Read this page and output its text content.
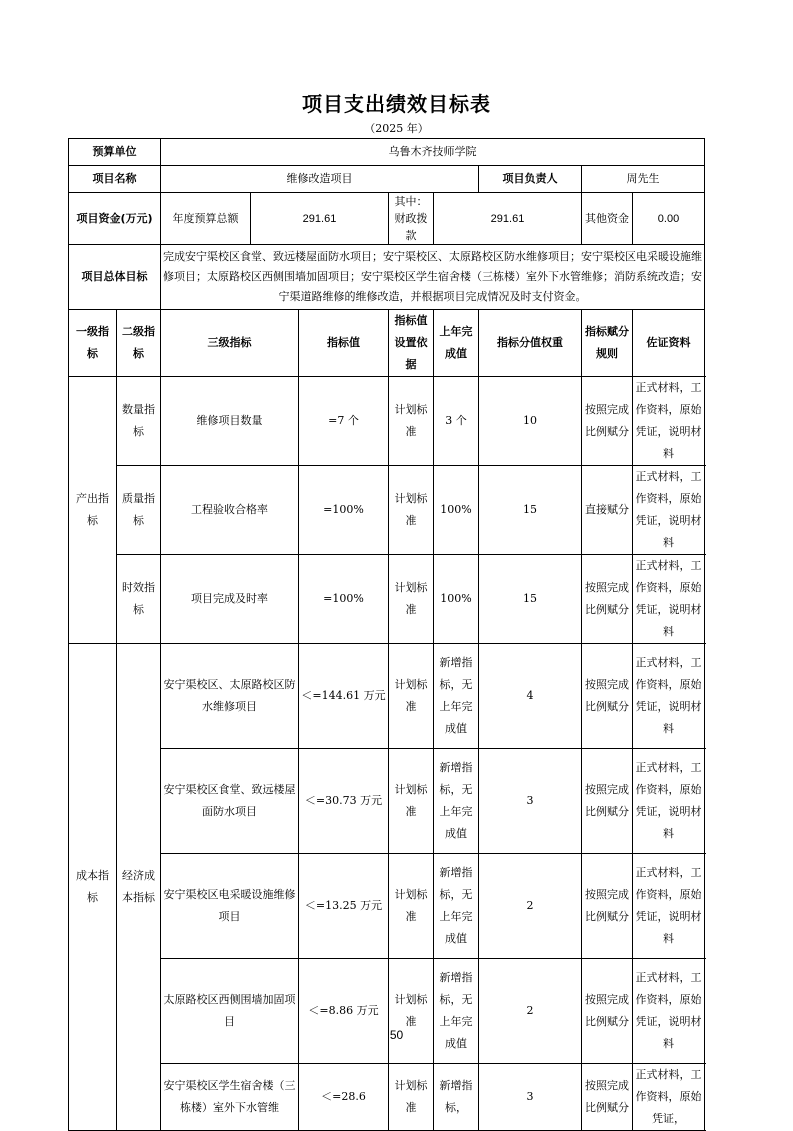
项目支出绩效目标表
（2025 年）
预算单位		乌鲁木齐技师学院							
项目名称		维修改造项目					项目负责人	周先生	
项目资金(万元)		年度预算总额	291.61		其中：财政拨款	291.61		其他资金	0.00
项目总体目标		完成安宁渠校区食堂、致远楼屋面防水项目；安宁渠校区、太原路校区防水维修项目；安宁渠校区电采暖设施维修项目；太原路校区西侧围墙加固项目；安宁渠校区学生宿舍楼（三栋楼）室外下水管维修；消防系统改造；安宁渠道路维修的维修改造，并根据项目完成情况及时支付资金。							
一级指标	二级指标	三级指标		指标值	指标值设置依据	上年完成值	指标分值权重	指标赋分规则	佐证资料
产出指标	数量指标	维修项目数量		=7 个	计划标准	3 个	10	按照完成比例赋分	正式材料，工作资料，原始凭证，说明材料
	质量指标	工程验收合格率		=100%	计划标准	100%	15	直接赋分	正式材料，工作资料，原始凭证，说明材料
	时效指标	项目完成及时率		=100%	计划标准	100%	15	按照完成比例赋分	正式材料，工作资料，原始凭证，说明材料
成本指标	经济成本指标	安宁渠校区、太原路校区防水维修项目		＜=144.61 万元	计划标准	新增指标，无上年完成值	4	按照完成比例赋分	正式材料，工作资料，原始凭证，说明材料
		安宁渠校区食堂、致远楼屋面防水项目		＜=30.73 万元	计划标准	新增指标，无上年完成值	3	按照完成比例赋分	正式材料，工作资料，原始凭证，说明材料
		安宁渠校区电采暖设施维修项目		＜=13.25 万元	计划标准	新增指标，无上年完成值	2	按照完成比例赋分	正式材料，工作资料，原始凭证，说明材料
		太原路校区西侧围墙加固项目		＜=8.86 万元	计划标准	新增指标，无上年完成值	2	按照完成比例赋分	正式材料，工作资料，原始凭证，说明材料
		安宁渠校区学生宿舍楼（三栋楼）室外下水管维		＜=28.6	计划标准	新增指标，	3	按照完成比例赋分	正式材料，工作资料，原始凭证，
50
